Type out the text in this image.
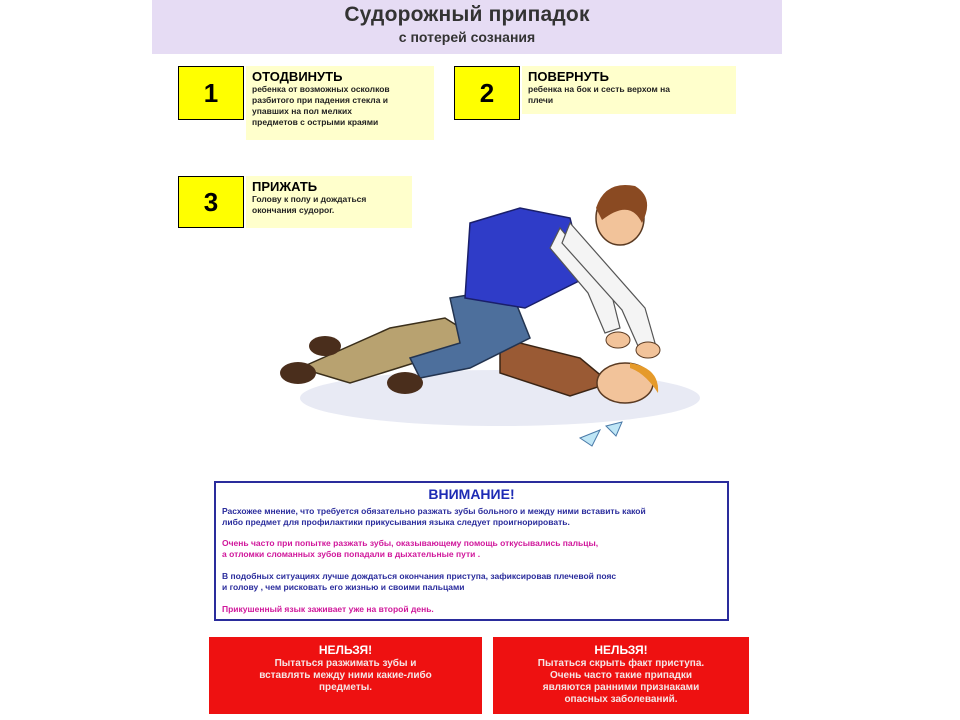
Судорожный припадок
с потерей сознания
1
ОТОДВИНУТЬ
ребенка от возможных осколков
разбитого при падения стекла и
упавших на пол мелких
предметов с острыми краями
2
ПОВЕРНУТЬ
ребенка на бок и сесть верхом на
плечи
3	ПРИЖАТЬ
Голову к полу и дождаться
окончания судорог.
ВНИМАНИЕ!
Расхожее мнение, что требуется обязательно разжать зубы больного и между ними вставить какой
либо предмет для профилактики прикусывания языка следует проигнорировать.
Очень часто при попытке разжать зубы, оказывающему помощь откусывались пальцы,
а отломки сломанных зубов попадали в дыхательные пути .
В подобных ситуациях лучше дождаться окончания приступа, зафиксировав плечевой пояс
и голову , чем рисковать его жизнью и своими пальцами
Прикушенный язык заживает уже на второй день.
НЕЛЬЗЯ!
Пытаться разжимать зубы и
вставлять между ними какие-либо
предметы.
НЕЛЬЗЯ!
Пытаться скрыть факт приступа.
Очень часто такие припадки
являются ранними признаками
опасных заболеваний.
